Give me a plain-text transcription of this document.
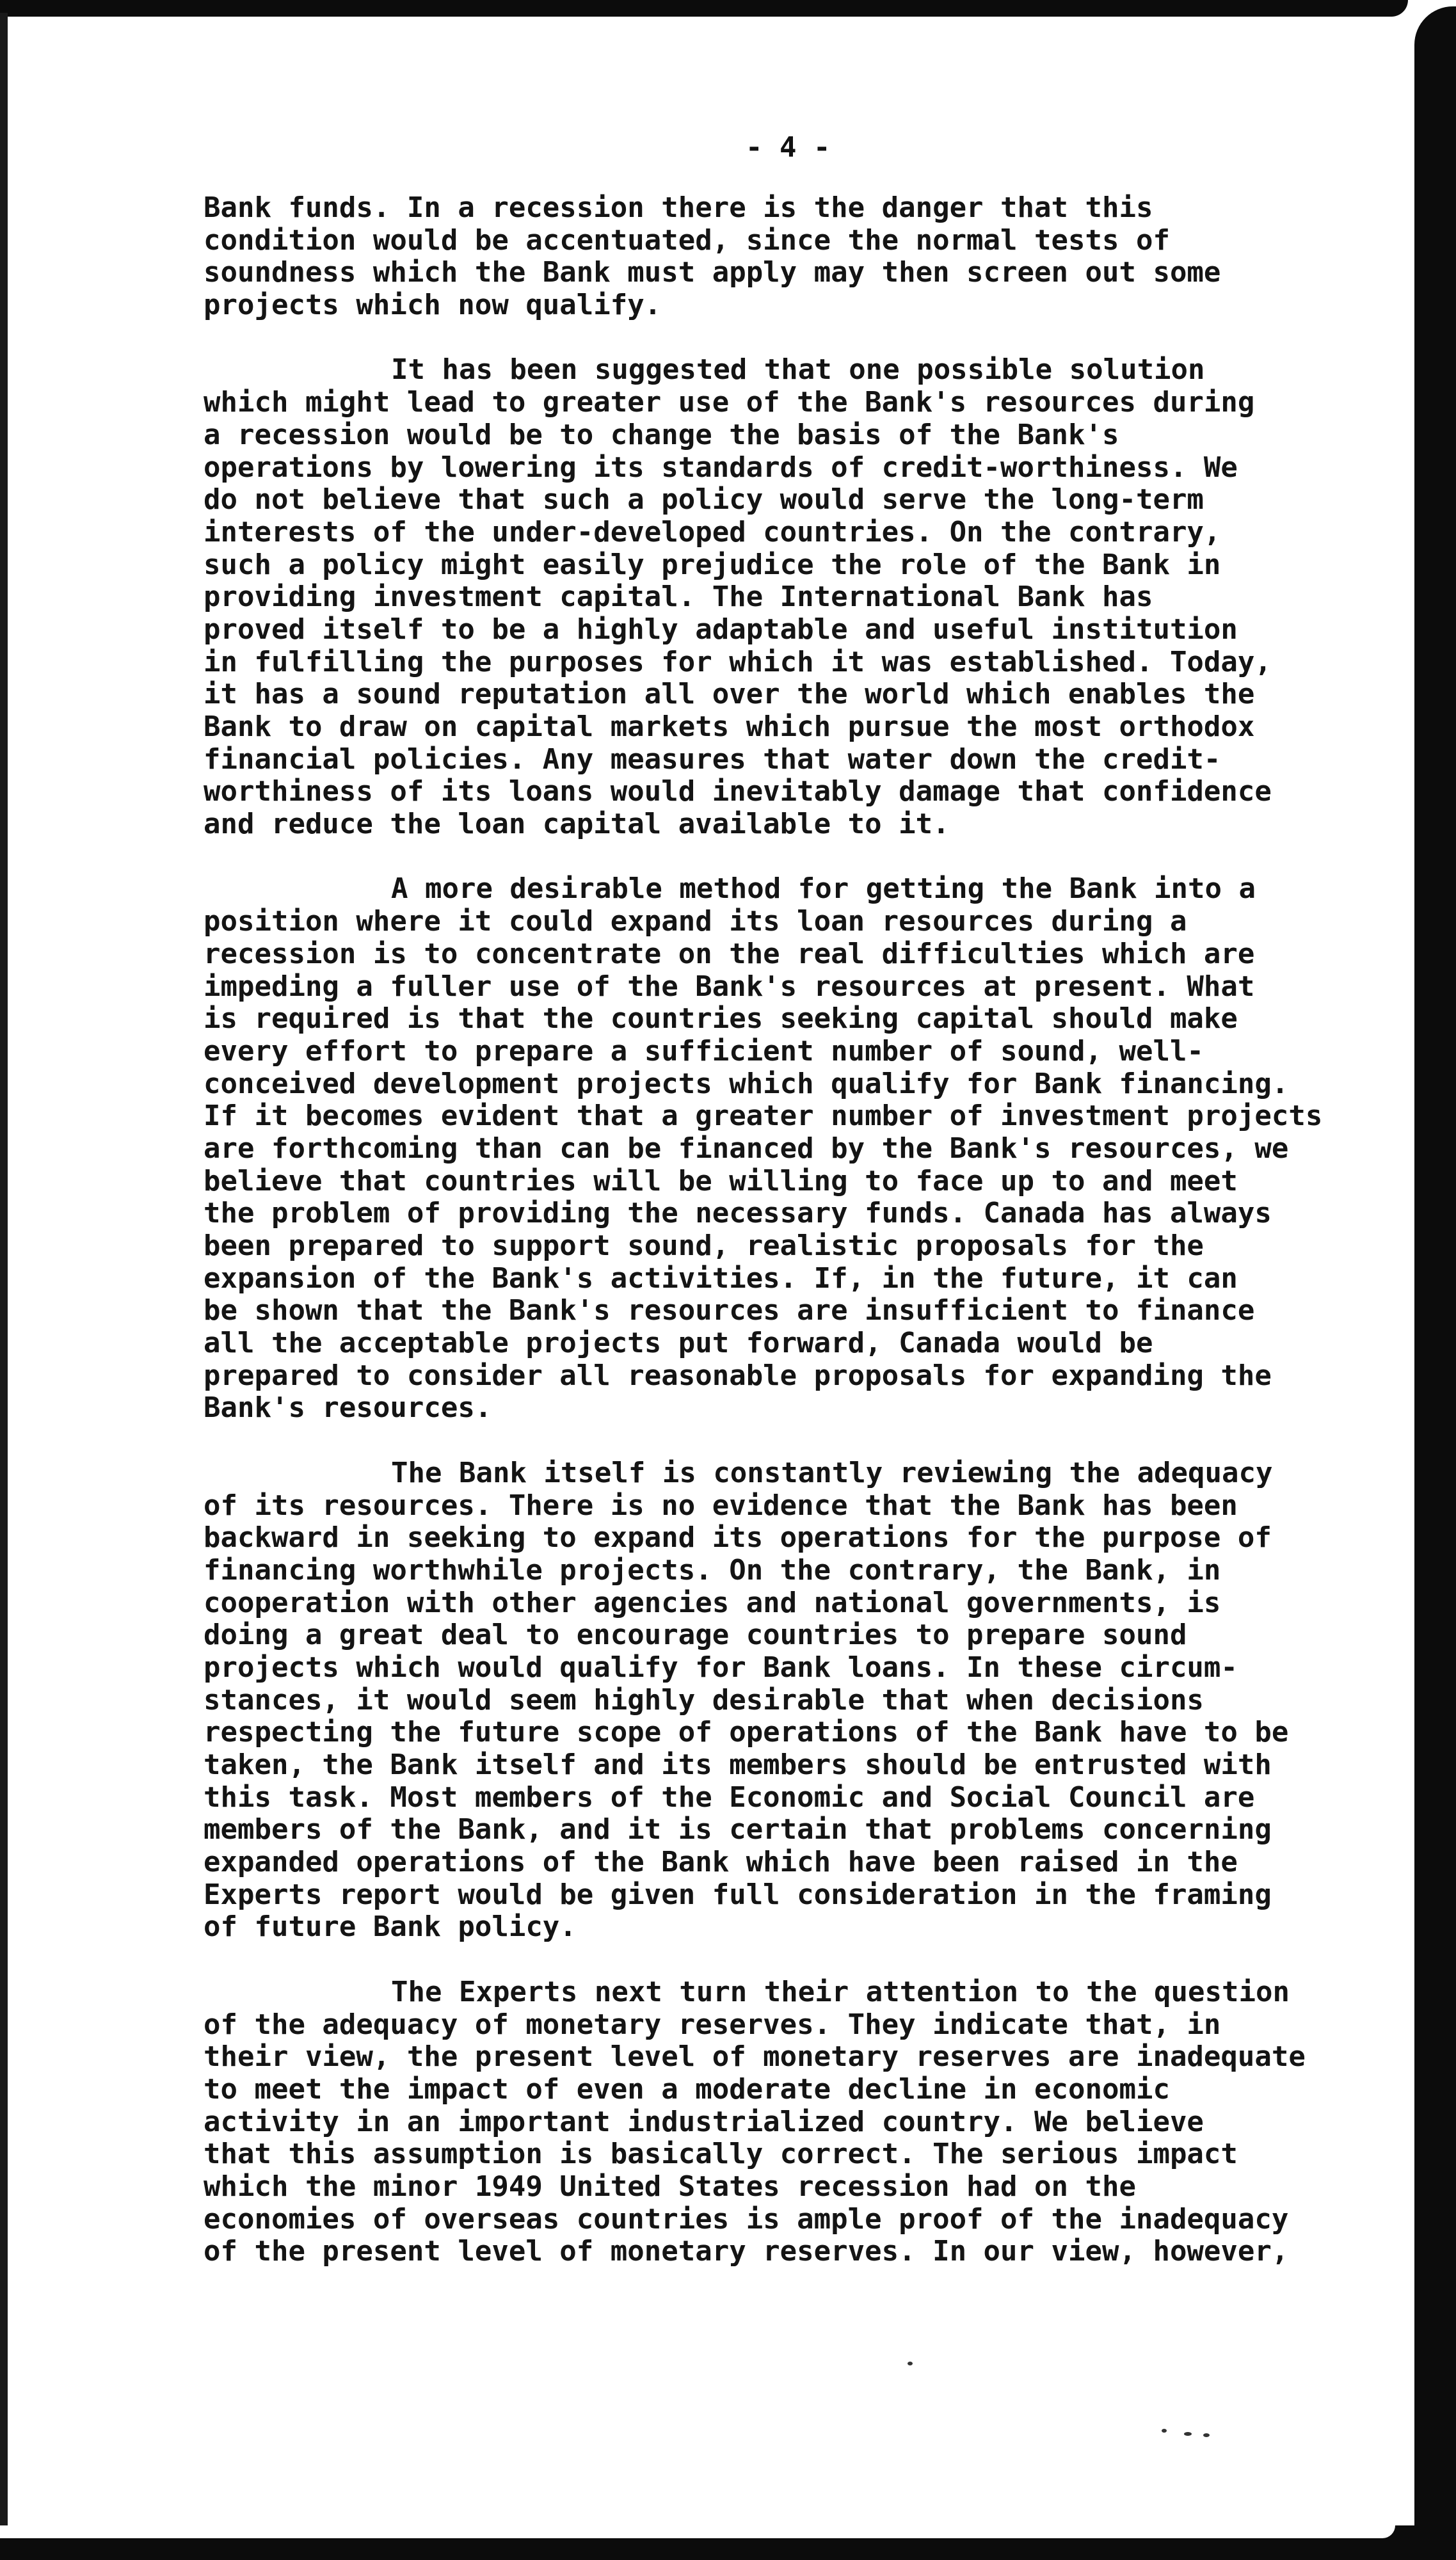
- 4 -
Bank funds. In a recession there is the danger that this
condition would be accentuated, since the normal tests of
soundness which the Bank must apply may then screen out some
projects which now qualify.
It has been suggested that one possible solution
which might lead to greater use of the Bank's resources during
a recession would be to change the basis of the Bank's
operations by lowering its standards of credit-worthiness. We
do not believe that such a policy would serve the long-term
interests of the under-developed countries. On the contrary,
such a policy might easily prejudice the role of the Bank in
providing investment capital. The International Bank has
proved itself to be a highly adaptable and useful institution
in fulfilling the purposes for which it was established. Today,
it has a sound reputation all over the world which enables the
Bank to draw on capital markets which pursue the most orthodox
financial policies. Any measures that water down the credit-
worthiness of its loans would inevitably damage that confidence
and reduce the loan capital available to it.
A more desirable method for getting the Bank into a
position where it could expand its loan resources during a
recession is to concentrate on the real difficulties which are
impeding a fuller use of the Bank's resources at present. What
is required is that the countries seeking capital should make
every effort to prepare a sufficient number of sound, well-
conceived development projects which qualify for Bank financing.
If it becomes evident that a greater number of investment projects
are forthcoming than can be financed by the Bank's resources, we
believe that countries will be willing to face up to and meet
the problem of providing the necessary funds. Canada has always
been prepared to support sound, realistic proposals for the
expansion of the Bank's activities. If, in the future, it can
be shown that the Bank's resources are insufficient to finance
all the acceptable projects put forward, Canada would be
prepared to consider all reasonable proposals for expanding the
Bank's resources.
The Bank itself is constantly reviewing the adequacy
of its resources. There is no evidence that the Bank has been
backward in seeking to expand its operations for the purpose of
financing worthwhile projects. On the contrary, the Bank, in
cooperation with other agencies and national governments, is
doing a great deal to encourage countries to prepare sound
projects which would qualify for Bank loans. In these circum-
stances, it would seem highly desirable that when decisions
respecting the future scope of operations of the Bank have to be
taken, the Bank itself and its members should be entrusted with
this task. Most members of the Economic and Social Council are
members of the Bank, and it is certain that problems concerning
expanded operations of the Bank which have been raised in the
Experts report would be given full consideration in the framing
of future Bank policy.
The Experts next turn their attention to the question
of the adequacy of monetary reserves. They indicate that, in
their view, the present level of monetary reserves are inadequate
to meet the impact of even a moderate decline in economic
activity in an important industrialized country. We believe
that this assumption is basically correct. The serious impact
which the minor 1949 United States recession had on the
economies of overseas countries is ample proof of the inadequacy
of the present level of monetary reserves. In our view, however,
